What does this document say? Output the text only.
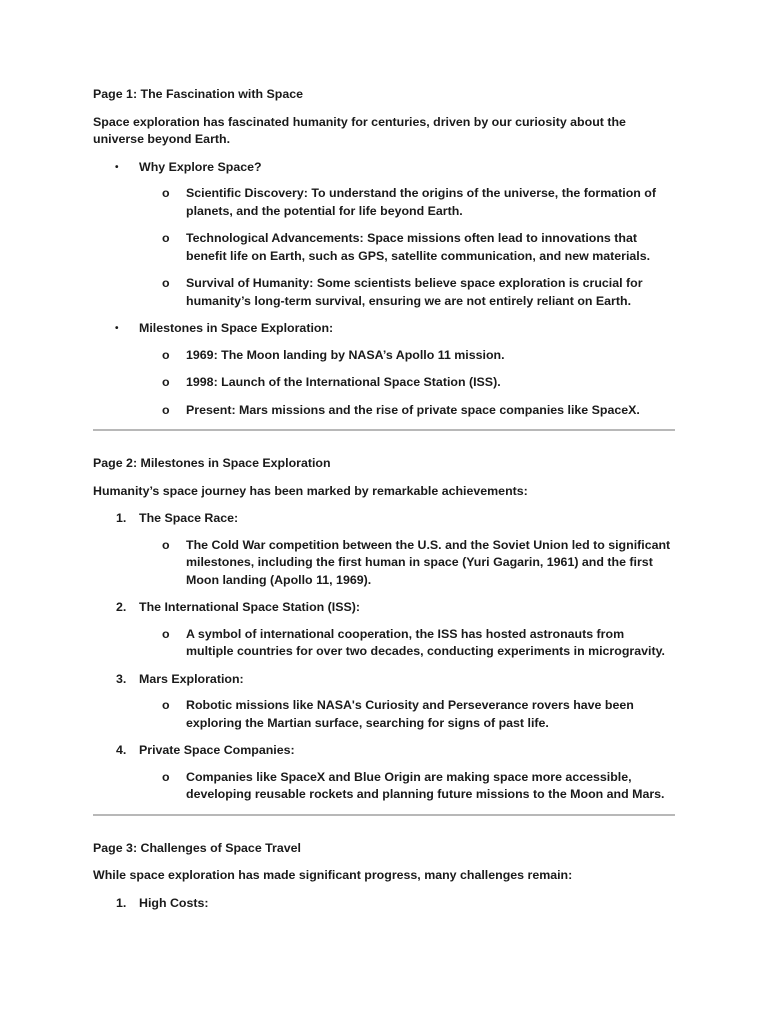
Page 1: The Fascination with Space
Space exploration has fascinated humanity for centuries, driven by our curiosity about the universe beyond Earth.
• Why Explore Space?
o Scientific Discovery: To understand the origins of the universe, the formation of planets, and the potential for life beyond Earth.
o Technological Advancements: Space missions often lead to innovations that benefit life on Earth, such as GPS, satellite communication, and new materials.
o Survival of Humanity: Some scientists believe space exploration is crucial for humanity’s long-term survival, ensuring we are not entirely reliant on Earth.
• Milestones in Space Exploration:
o 1969: The Moon landing by NASA’s Apollo 11 mission.
o 1998: Launch of the International Space Station (ISS).
o Present: Mars missions and the rise of private space companies like SpaceX.
Page 2: Milestones in Space Exploration
Humanity’s space journey has been marked by remarkable achievements:
1. The Space Race:
o The Cold War competition between the U.S. and the Soviet Union led to significant milestones, including the first human in space (Yuri Gagarin, 1961) and the first Moon landing (Apollo 11, 1969).
2. The International Space Station (ISS):
o A symbol of international cooperation, the ISS has hosted astronauts from multiple countries for over two decades, conducting experiments in microgravity.
3. Mars Exploration:
o Robotic missions like NASA's Curiosity and Perseverance rovers have been exploring the Martian surface, searching for signs of past life.
4. Private Space Companies:
o Companies like SpaceX and Blue Origin are making space more accessible, developing reusable rockets and planning future missions to the Moon and Mars.
Page 3: Challenges of Space Travel
While space exploration has made significant progress, many challenges remain:
1. High Costs:
